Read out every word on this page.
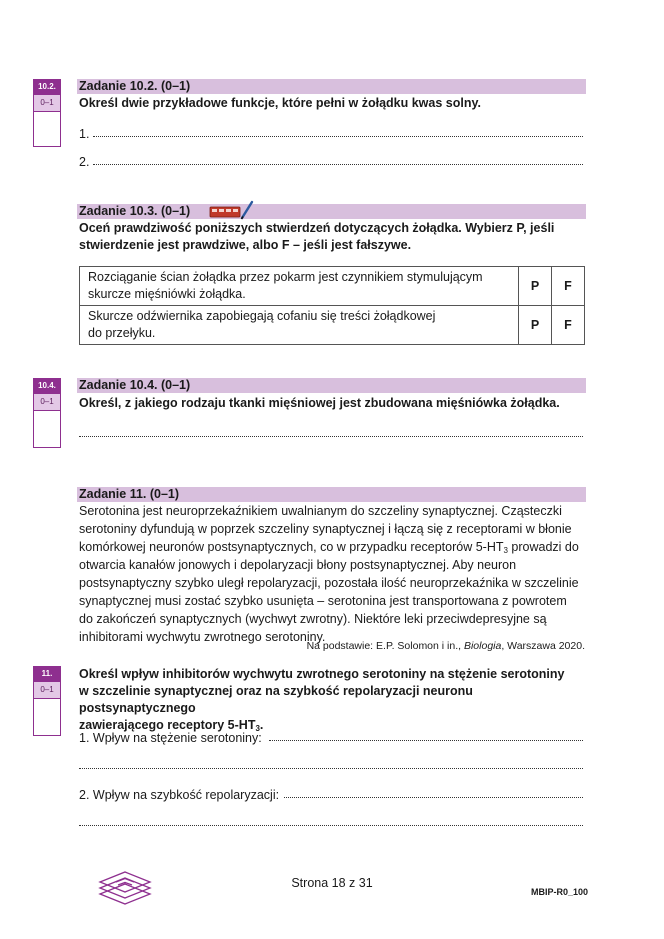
10.2.
0–1
Zadanie 10.2. (0–1)
Określ dwie przykładowe funkcje, które pełni w żołądku kwas solny.
1.
2.
Zadanie 10.3. (0–1)
Oceń prawdziwość poniższych stwierdzeń dotyczących żołądka. Wybierz P, jeśli
stwierdzenie jest prawdziwe, albo F – jeśli jest fałszywe.
Rozciąganie ścian żołądka przez pokarm jest czynnikiem stymulującym
skurcze mięśniówki żołądka.	P	F

Skurcze odźwiernika zapobiegają cofaniu się treści żołądkowej
do przełyku.	P	F
10.4.
0–1
Zadanie 10.4. (0–1)
Określ, z jakiego rodzaju tkanki mięśniowej jest zbudowana mięśniówka żołądka.
Zadanie 11. (0–1)
Serotonina jest neuroprzekaźnikiem uwalnianym do szczeliny synaptycznej. Cząsteczki
serotoniny dyfundują w poprzek szczeliny synaptycznej i łączą się z receptorami w błonie
komórkowej neuronów postsynaptycznych, co w przypadku receptorów $5-HT_3$ prowadzi do
otwarcia kanałów jonowych i depolaryzacji błony postsynaptycznej. Aby neuron
postsynaptyczny szybko uległ repolaryzacji, pozostała ilość neuroprzekaźnika w szczelinie
synaptycznej musi zostać szybko usunięta – serotonina jest transportowana z powrotem
do zakończeń synaptycznych (wychwyt zwrotny). Niektóre leki przeciwdepresyjne są
inhibitorami wychwytu zwrotnego serotoniny.
Na podstawie: E.P. Solomon i in., Biologia, Warszawa 2020.
11.
0–1
Określ wpływ inhibitorów wychwytu zwrotnego serotoniny na stężenie serotoniny
w szczelinie synaptycznej oraz na szybkość repolaryzacji neuronu postsynaptycznego
zawierającego receptory $5-HT_3$.
1. Wpływ na stężenie serotoniny:
2. Wpływ na szybkość repolaryzacji:
Strona 18 z 31
MBIP-R0_100
